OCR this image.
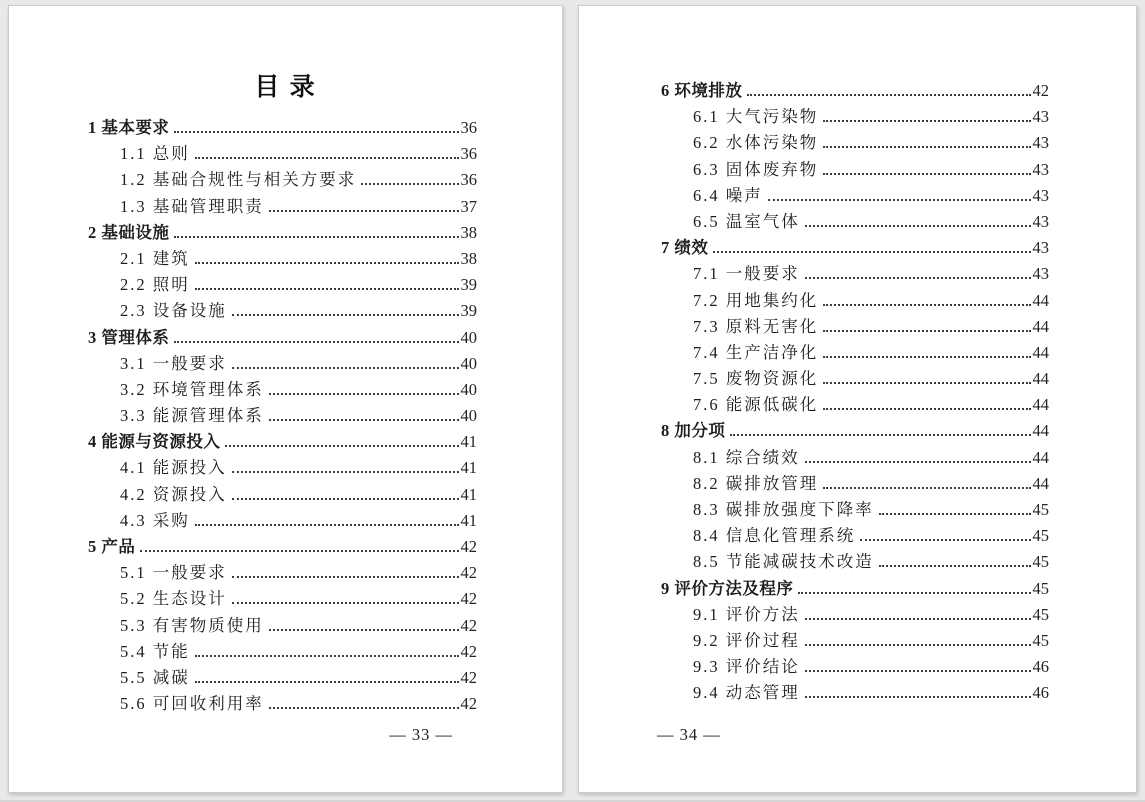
目 录
1 基本要求	36
1.1 总则	36
1.2 基础合规性与相关方要求	36
1.3 基础管理职责	37
2 基础设施	38
2.1 建筑	38
2.2 照明	39
2.3 设备设施	39
3 管理体系	40
3.1 一般要求	40
3.2 环境管理体系	40
3.3 能源管理体系	40
4 能源与资源投入	41
4.1 能源投入	41
4.2 资源投入	41
4.3 采购	41
5 产品	42
5.1 一般要求	42
5.2 生态设计	42
5.3 有害物质使用	42
5.4 节能	42
5.5 减碳	42
5.6 可回收利用率	42
— 33 —
6 环境排放	42
6.1 大气污染物	43
6.2 水体污染物	43
6.3 固体废弃物	43
6.4 噪声	43
6.5 温室气体	43
7 绩效	43
7.1 一般要求	43
7.2 用地集约化	44
7.3 原料无害化	44
7.4 生产洁净化	44
7.5 废物资源化	44
7.6 能源低碳化	44
8 加分项	44
8.1 综合绩效	44
8.2 碳排放管理	44
8.3 碳排放强度下降率	45
8.4 信息化管理系统	45
8.5 节能减碳技术改造	45
9 评价方法及程序	45
9.1 评价方法	45
9.2 评价过程	45
9.3 评价结论	46
9.4 动态管理	46
— 34 —
